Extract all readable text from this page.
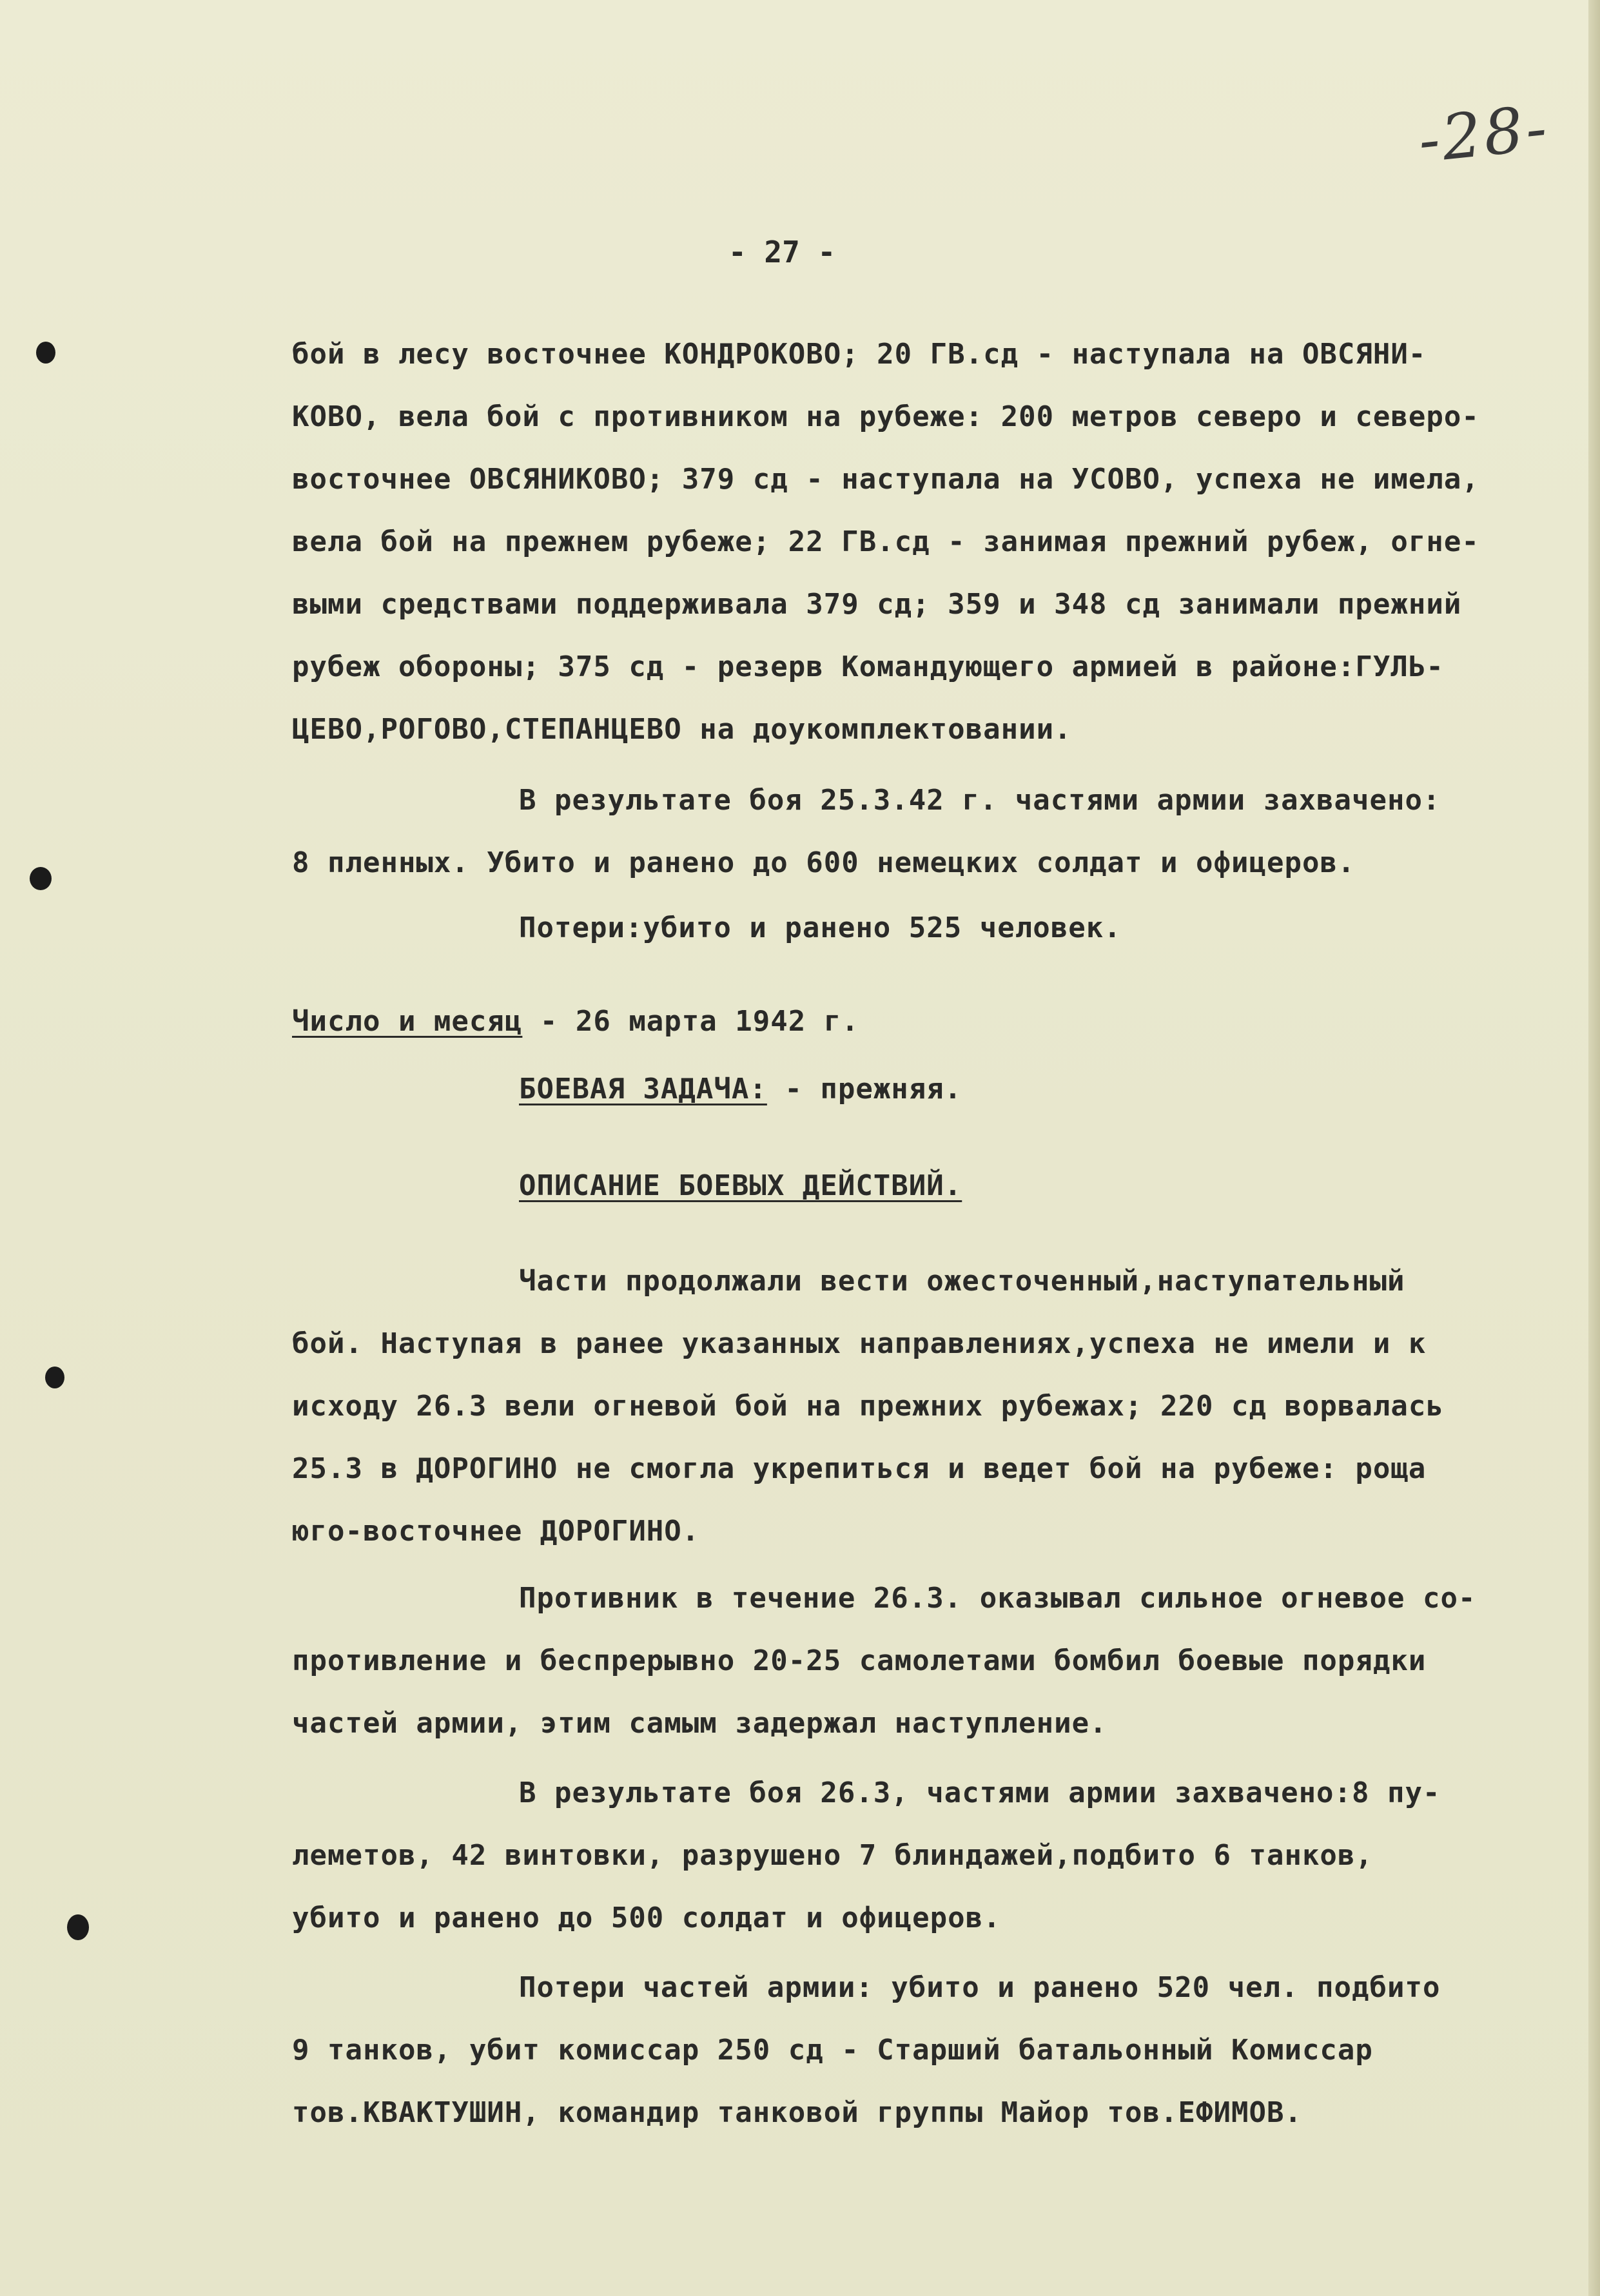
-28-
- 27 -
бой в лесу восточнее КОНДРОКОВО; 20 ГВ.сд - наступала на ОВСЯНИ-
КОВО, вела бой с противником на рубеже: 200 метров северо и северо-
восточнее ОВСЯНИКОВО; 379 сд - наступала на УСОВО, успеха не имела,
вела бой на прежнем рубеже; 22 ГВ.сд - занимая прежний рубеж, огне-
выми средствами поддерживала 379 сд; 359 и 348 сд занимали прежний
рубеж обороны; 375 сд - резерв Командующего армией в районе:ГУЛЬ-
ЦЕВО,РОГОВО,СТЕПАНЦЕВО на доукомплектовании.
В результате боя 25.3.42 г. частями армии захвачено:
8 пленных. Убито и ранено до 600 немецких солдат и офицеров.
Потери:убито и ранено 525 человек.
Число и месяц - 26 марта 1942 г.
БОЕВАЯ ЗАДАЧА: - прежняя.
ОПИСАНИЕ БОЕВЫХ ДЕЙСТВИЙ.
Части продолжали вести ожесточенный,наступательный
бой. Наступая в ранее указанных направлениях,успеха не имели и к
исходу 26.3 вели огневой бой на прежних рубежах; 220 сд ворвалась
25.3 в ДОРОГИНО не смогла укрепиться и ведет бой на рубеже: роща
юго-восточнее ДОРОГИНО.
Противник в течение 26.3. оказывал сильное огневое со-
противление и беспрерывно 20-25 самолетами бомбил боевые порядки
частей армии, этим самым задержал наступление.
В результате боя 26.3, частями армии захвачено:8 пу-
леметов, 42 винтовки, разрушено 7 блиндажей,подбито 6 танков,
убито и ранено до 500 солдат и офицеров.
Потери частей армии: убито и ранено 520 чел. подбито
9 танков, убит комиссар 250 сд - Старший батальонный Комиссар
тов.КВАКТУШИН, командир танковой группы Майор тов.ЕФИМОВ.
